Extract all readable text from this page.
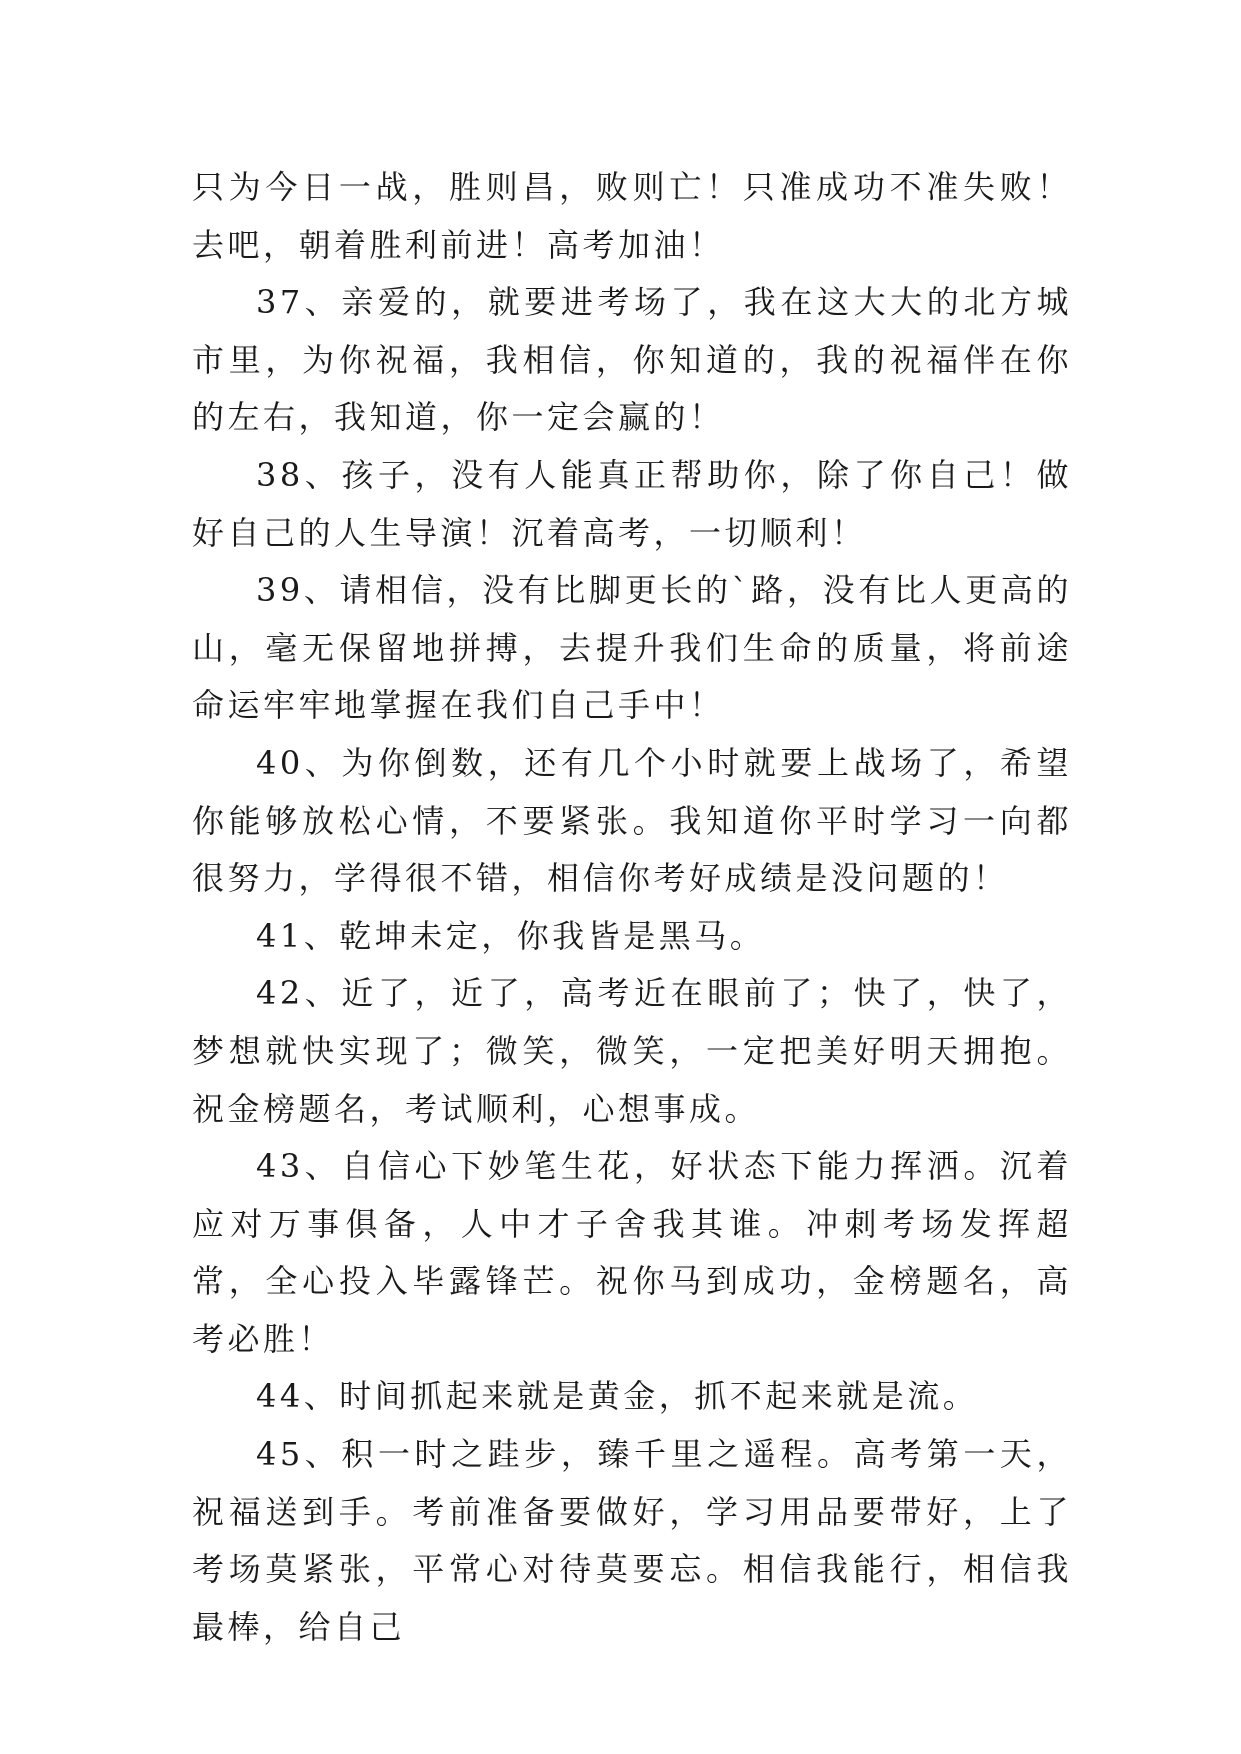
只为今日一战，胜则昌，败则亡！只准成功不准失败！去吧，朝着胜利前进！高考加油！

37、亲爱的，就要进考场了，我在这大大的北方城市里，为你祝福，我相信，你知道的，我的祝福伴在你的左右，我知道，你一定会赢的！

38、孩子，没有人能真正帮助你，除了你自己！做好自己的人生导演！沉着高考，一切顺利！

39、请相信，没有比脚更长的`路，没有比人更高的山，毫无保留地拼搏，去提升我们生命的质量，将前途命运牢牢地掌握在我们自己手中！

40、为你倒数，还有几个小时就要上战场了，希望你能够放松心情，不要紧张。我知道你平时学习一向都很努力，学得很不错，相信你考好成绩是没问题的！

41、乾坤未定，你我皆是黑马。

42、近了，近了，高考近在眼前了；快了，快了，梦想就快实现了；微笑，微笑，一定把美好明天拥抱。祝金榜题名，考试顺利，心想事成。

43、自信心下妙笔生花，好状态下能力挥洒。沉着应对万事俱备，人中才子舍我其谁。冲刺考场发挥超常，全心投入毕露锋芒。祝你马到成功，金榜题名，高考必胜！

44、时间抓起来就是黄金，抓不起来就是流。

45、积一时之跬步，臻千里之遥程。高考第一天，祝福送到手。考前准备要做好，学习用品要带好，上了考场莫紧张，平常心对待莫要忘。相信我能行，相信我最棒，给自己
